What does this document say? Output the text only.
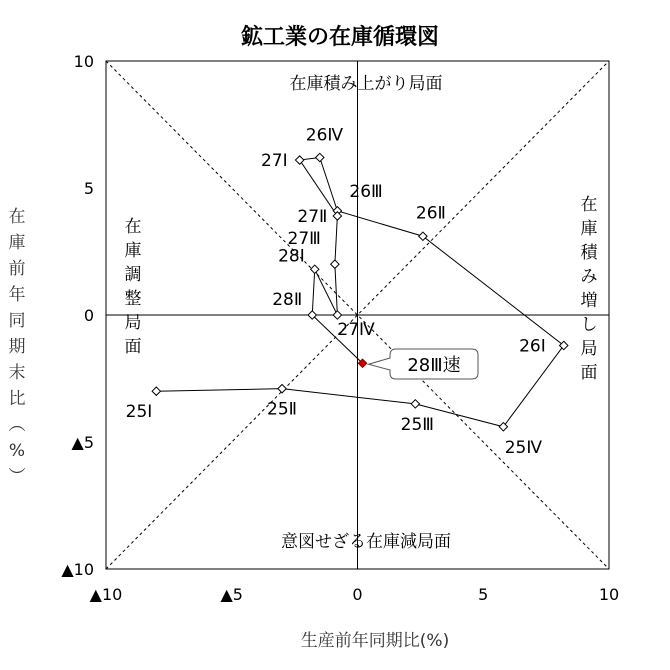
鉱工業の在庫循環図
▲10	▲5	0	5	10
10
5
0
▲5
▲10
在庫積み上がり局面
意図せざる在庫減局面
在
庫
積
み
増
し
局
面
在
庫
調
整
局
面
28Ⅲ速
25Ⅰ	25Ⅱ
25Ⅲ
25Ⅳ
26Ⅰ
26Ⅱ
26Ⅲ
26Ⅳ
27Ⅰ
27Ⅱ
27Ⅲ
27Ⅳ
28Ⅰ
28Ⅱ
生産前年同期比(%)
在
庫
前
年
同
期
末
比
︵
%
︶
